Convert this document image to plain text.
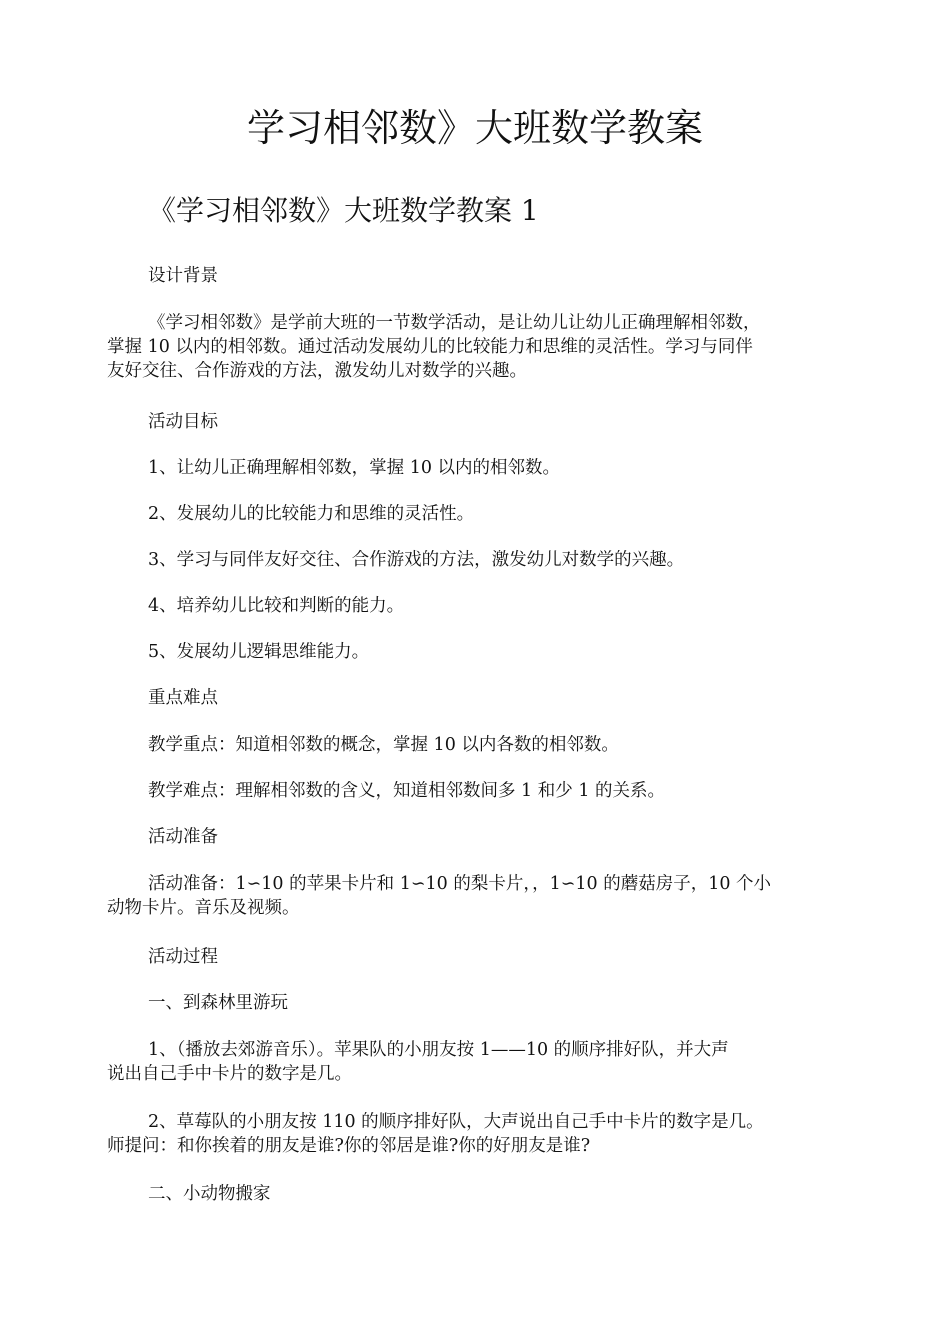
学习相邻数》大班数学教案
《学习相邻数》大班数学教案 1
设计背景
《学习相邻数》是学前大班的一节数学活动，是让幼儿让幼儿正确理解相邻数，
掌握 10 以内的相邻数。通过活动发展幼儿的比较能力和思维的灵活性。学习与同伴
友好交往、合作游戏的方法，激发幼儿对数学的兴趣。
活动目标
1、让幼儿正确理解相邻数，掌握 10 以内的相邻数。
2、发展幼儿的比较能力和思维的灵活性。
3、学习与同伴友好交往、合作游戏的方法，激发幼儿对数学的兴趣。
4、培养幼儿比较和判断的能力。
5、发展幼儿逻辑思维能力。
重点难点
教学重点：知道相邻数的概念，掌握 10 以内各数的相邻数。
教学难点：理解相邻数的含义，知道相邻数间多 1 和少 1 的关系。
活动准备
活动准备：1∽10 的苹果卡片和 1∽10 的梨卡片，，1∽10 的蘑菇房子，10 个小
动物卡片。音乐及视频。
活动过程
一、到森林里游玩
1、（播放去郊游音乐）。苹果队的小朋友按 1——10 的顺序排好队，并大声
说出自己手中卡片的数字是几。
2、草莓队的小朋友按 110 的顺序排好队，大声说出自己手中卡片的数字是几。
师提问：和你挨着的朋友是谁?你的邻居是谁?你的好朋友是谁?
二、小动物搬家
